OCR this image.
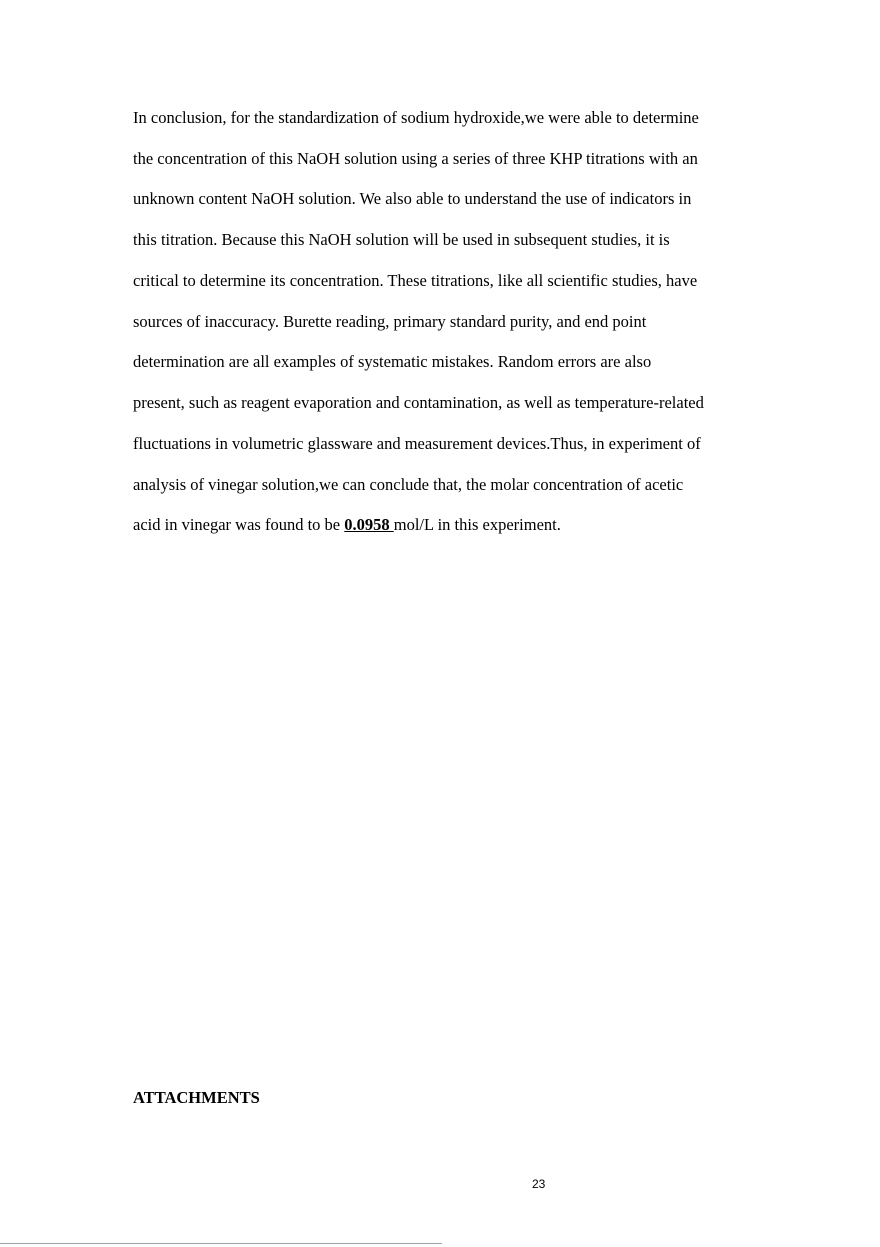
In conclusion, for the standardization of sodium hydroxide,we were able to determine
the concentration of this NaOH solution using a series of three KHP titrations with an
unknown content NaOH solution. We also able to understand the use of indicators in
this titration. Because this NaOH solution will be used in subsequent studies, it is
critical to determine its concentration. These titrations, like all scientific studies, have
sources of inaccuracy. Burette reading, primary standard purity, and end point
determination are all examples of systematic mistakes. Random errors are also
present, such as reagent evaporation and contamination, as well as temperature-related
fluctuations in volumetric glassware and measurement devices.Thus, in experiment of
analysis of vinegar solution,we can conclude that, the molar concentration of acetic
acid in vinegar was found to be 0.0958 mol/L in this experiment.
ATTACHMENTS
23
